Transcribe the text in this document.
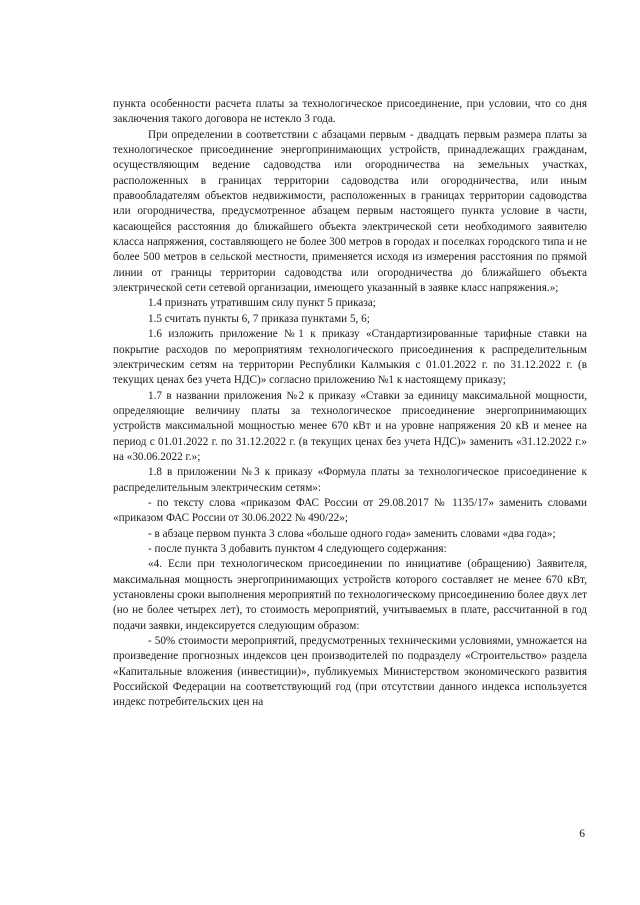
пункта особенности расчета платы за технологическое присоединение, при условии, что со дня заключения такого договора не истекло 3 года.

При определении в соответствии с абзацами первым - двадцать первым размера платы за технологическое присоединение энергопринимающих устройств, принадлежащих гражданам, осуществляющим ведение садоводства или огородничества на земельных участках, расположенных в границах территории садоводства или огородничества, или иным правообладателям объектов недвижимости, расположенных в границах территории садоводства или огородничества, предусмотренное абзацем первым настоящего пункта условие в части, касающейся расстояния до ближайшего объекта электрической сети необходимого заявителю класса напряжения, составляющего не более 300 метров в городах и поселках городского типа и не более 500 метров в сельской местности, применяется исходя из измерения расстояния по прямой линии от границы территории садоводства или огородничества до ближайшего объекта электрической сети сетевой организации, имеющего указанный в заявке класс напряжения.»;

1.4 признать утратившим силу пункт 5 приказа;

1.5 считать пункты 6, 7 приказа пунктами 5, 6;

1.6 изложить приложение №1 к приказу «Стандартизированные тарифные ставки на покрытие расходов по мероприятиям технологического присоединения к распределительным электрическим сетям на территории Республики Калмыкия с 01.01.2022 г. по 31.12.2022 г. (в текущих ценах без учета НДС)» согласно приложению №1 к настоящему приказу;

1.7 в названии приложения №2 к приказу «Ставки за единицу максимальной мощности, определяющие величину платы за технологическое присоединение энергопринимающих устройств максимальной мощностью менее 670 кВт и на уровне напряжения 20 кВ и менее на период с 01.01.2022 г. по 31.12.2022 г. (в текущих ценах без учета НДС)» заменить «31.12.2022 г.» на «30.06.2022 г.»;

1.8 в приложении №3 к приказу «Формула платы за технологическое присоединение к распределительным электрическим сетям»:

- по тексту слова «приказом ФАС России от 29.08.2017 № 1135/17» заменить словами «приказом ФАС России от 30.06.2022 № 490/22»;

- в абзаце первом пункта 3 слова «больше одного года» заменить словами «два года»;

- после пункта 3 добавить пунктом 4 следующего содержания:

«4. Если при технологическом присоединении по инициативе (обращению) Заявителя, максимальная мощность энергопринимающих устройств которого составляет не менее 670 кВт, установлены сроки выполнения мероприятий по технологическому присоединению более двух лет (но не более четырех лет), то стоимость мероприятий, учитываемых в плате, рассчитанной в год подачи заявки, индексируется следующим образом:

- 50% стоимости мероприятий, предусмотренных техническими условиями, умножается на произведение прогнозных индексов цен производителей по подразделу «Строительство» раздела «Капитальные вложения (инвестиции)», публикуемых Министерством экономического развития Российской Федерации на соответствующий год (при отсутствии данного индекса используется индекс потребительских цен на

6
